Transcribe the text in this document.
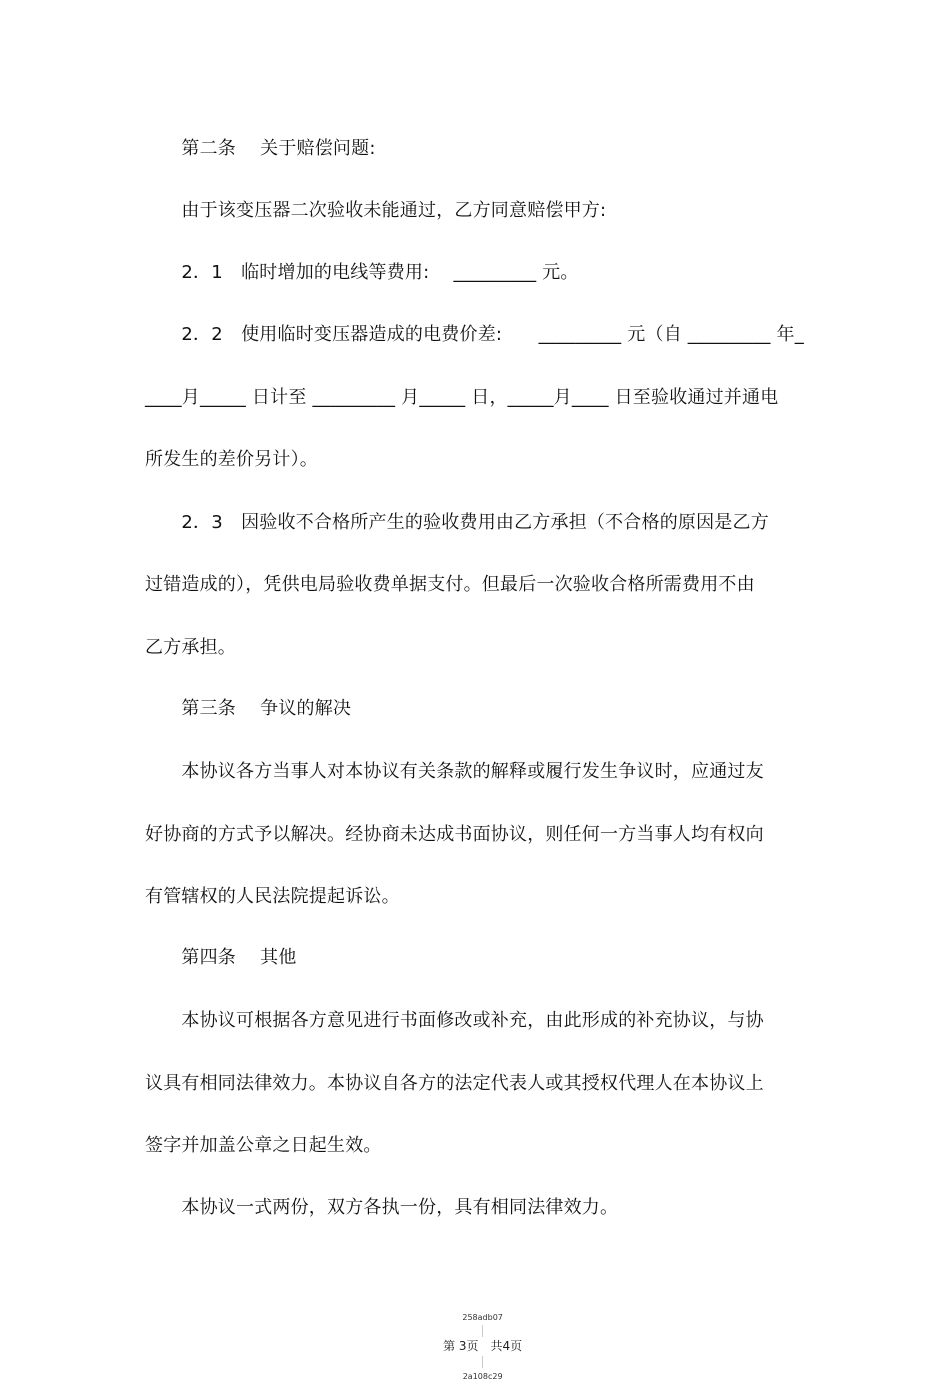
　　第二条　 关于赔偿问题:
　　由于该变压器二次验收未能通过，乙方同意赔偿甲方:
　　2．1　临时增加的电线等费用:　 _________ 元。
　　2．2　使用临时变压器造成的电费价差:　　_________ 元（自 _________ 年_
____月_____ 日计至 _________ 月_____ 日，_____月____ 日至验收通过并通电
所发生的差价另计）。
　　2．3　因验收不合格所产生的验收费用由乙方承担（不合格的原因是乙方
过错造成的），凭供电局验收费单据支付。但最后一次验收合格所需费用不由
乙方承担。
　　第三条　 争议的解决
　　本协议各方当事人对本协议有关条款的解释或履行发生争议时，应通过友
好协商的方式予以解决。经协商未达成书面协议，则任何一方当事人均有权向
有管辖权的人民法院提起诉讼。
　　第四条　 其他
　　本协议可根据各方意见进行书面修改或补充，由此形成的补充协议，与协
议具有相同法律效力。本协议自各方的法定代表人或其授权代理人在本协议上
签字并加盖公章之日起生效。
　　本协议一式两份，双方各执一份，具有相同法律效力。

258adb07

第 3页　共4页

2a108c29
